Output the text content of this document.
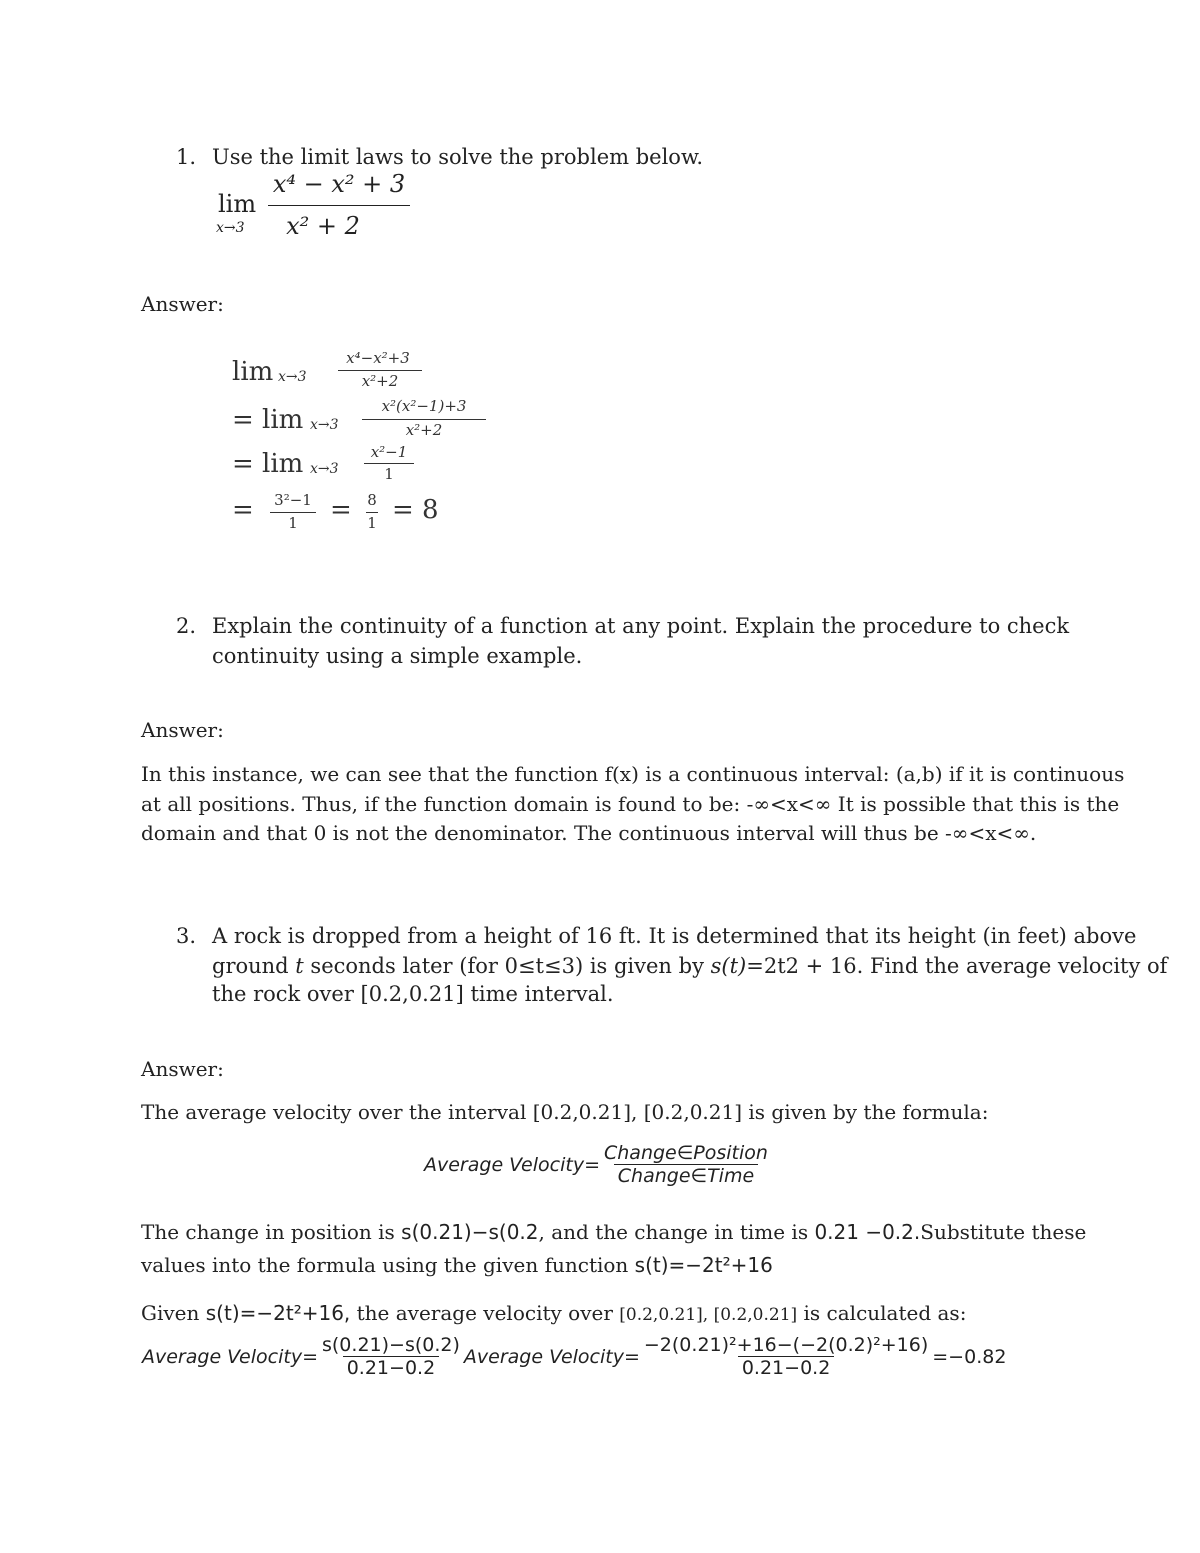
1. Use the limit laws to solve the problem below.
lim
x→3
x⁴ − x² + 3
x² + 2
Answer:
lim x→3
x⁴−x²+3
x²+2
= lim x→3
x²(x²−1)+3
x²+2
= lim x→3
x²−1
1
=	3²−1
1	= 8
1 = 8
2. Explain the continuity of a function at any point. Explain the procedure to check
continuity using a simple example.
Answer:
In this instance, we can see that the function f(x) is a continuous interval: (a,b) if it is continuous
at all positions. Thus, if the function domain is found to be: -∞<x<∞ It is possible that this is the
domain and that 0 is not the denominator. The continuous interval will thus be -∞<x<∞.
3. A rock is dropped from a height of 16 ft. It is determined that its height (in feet) above
ground t seconds later (for 0≤t≤3) is given by s(t)=2t2 + 16. Find the average velocity of
the rock over [0.2,0.21] time interval.
Answer:
The average velocity over the interval [0.2,0.21], [0.2,0.21] is given by the formula:
Average Velocity= $\frac{\text{Change∈Position}}{\text{Change∈Time}}$
The change in position is s(0.21)−s(0.2, and the change in time is 0.21 −0.2.Substitute these
values into the formula using the given function s(t)=−2t²+16
Given s(t)=−2t²+16, the average velocity over [0.2,0.21], [0.2,0.21] is calculated as:
Average Velocity= $\frac{s(0.21)-s(0.2)}{0.21-0.2}$ Average Velocity= $\frac{\text{−2(0.21)²+16−(−2(0.2)²+16)}}{0.21-0.2} =-0.82$
